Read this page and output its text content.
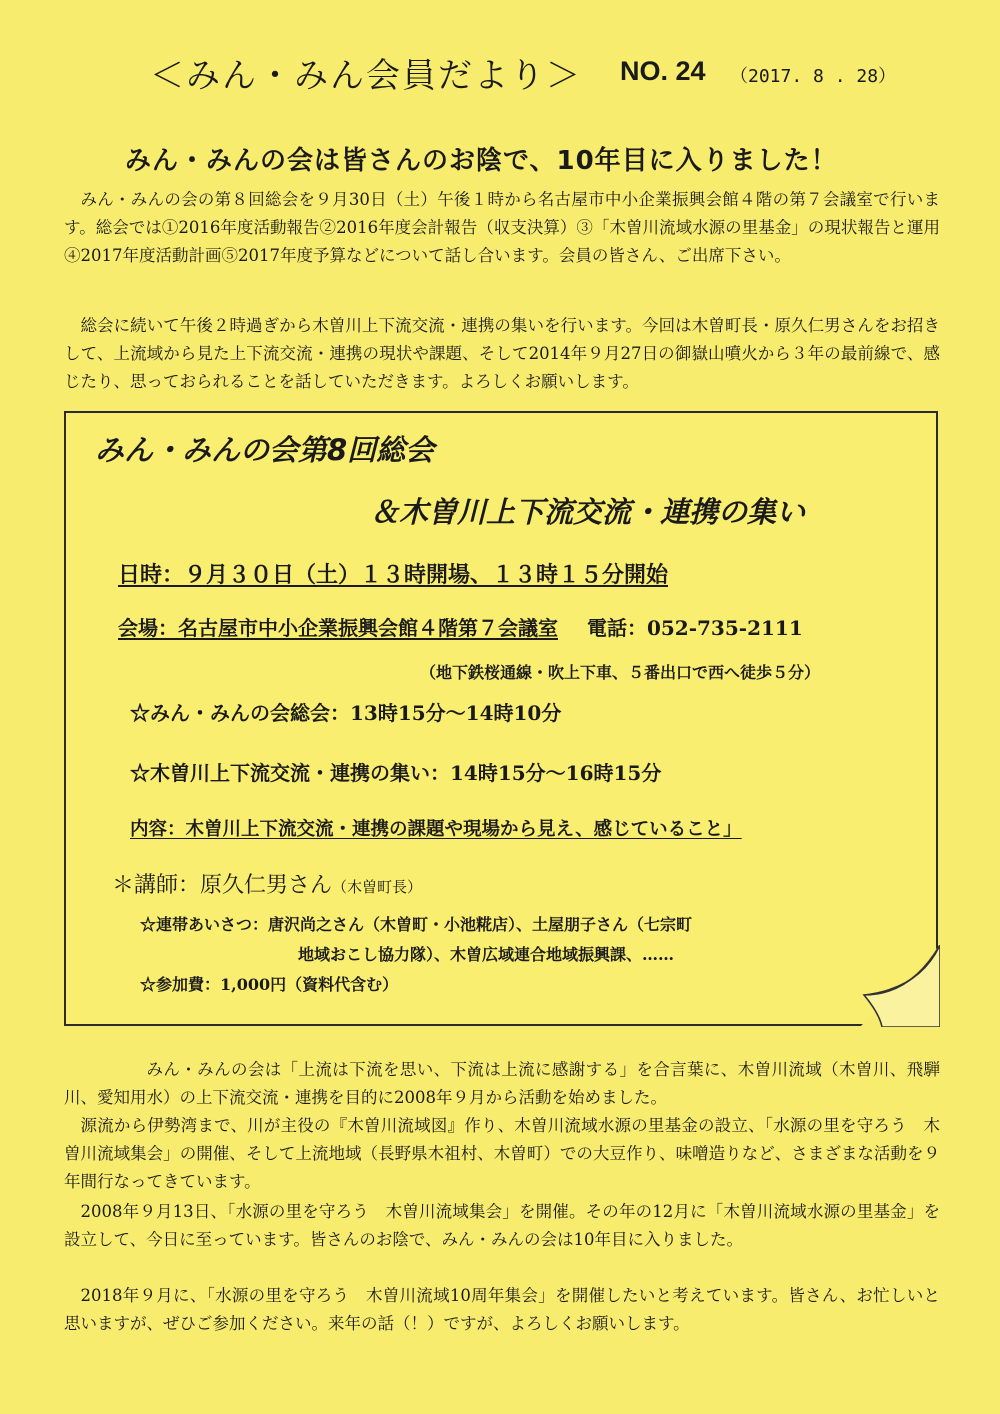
＜みん・みん会員だより＞ NO. 24 （2017. 8 . 28）
みん・みんの会は皆さんのお陰で、10年目に入りました！

みん・みんの会の第８回総会を９月30日（土）午後１時から名古屋市中小企業振興会館４階の第７会議室で行います。総会では①2016年度活動報告②2016年度会計報告（収支決算）③「木曽川流域水源の里基金」の現状報告と運用④2017年度活動計画⑤2017年度予算などについて話し合います。会員の皆さん、ご出席下さい。

総会に続いて午後２時過ぎから木曽川上下流交流・連携の集いを行います。今回は木曽町長・原久仁男さんをお招きして、上流域から見た上下流交流・連携の現状や課題、そして2014年９月27日の御嶽山噴火から３年の最前線で、感じたり、思っておられることを話していただきます。よろしくお願いします。

みん・みんの会第8回総会
＆木曽川上下流交流・連携の集い
日時：９月３０日（土）１３時開場、１３時１５分開始
会場：名古屋市中小企業振興会館４階第７会議室 電話：052-735-2111
（地下鉄桜通線・吹上下車、５番出口で西へ徒歩５分）
☆みん・みんの会総会：13時15分～14時10分
☆木曽川上下流交流・連携の集い：14時15分～16時15分
内容：木曽川上下流交流・連携の課題や現場から見え、感じていること」
＊講師：原久仁男さん（木曽町長）
☆連帯あいさつ：唐沢尚之さん（木曽町・小池糀店）、土屋朋子さん（七宗町
地域おこし協力隊）、木曽広域連合地域振興課、……
☆参加費：1,000円（資料代含む）

みん・みんの会は「上流は下流を思い、下流は上流に感謝する」を合言葉に、木曽川流域（木曽川、飛騨川、愛知用水）の上下流交流・連携を目的に2008年９月から活動を始めました。

源流から伊勢湾まで、川が主役の『木曽川流域図』作り、木曽川流域水源の里基金の設立、「水源の里を守ろう　木曽川流域集会」の開催、そして上流地域（長野県木祖村、木曽町）での大豆作り、味噌造りなど、さまざまな活動を９年間行なってきています。

2008年９月13日、「水源の里を守ろう　木曽川流域集会」を開催。その年の12月に「木曽川流域水源の里基金」を設立して、今日に至っています。皆さんのお陰で、みん・みんの会は10年目に入りました。

2018年９月に、「水源の里を守ろう　木曽川流域10周年集会」を開催したいと考えています。皆さん、お忙しいと思いますが、ぜひご参加ください。来年の話（！）ですが、よろしくお願いします。
